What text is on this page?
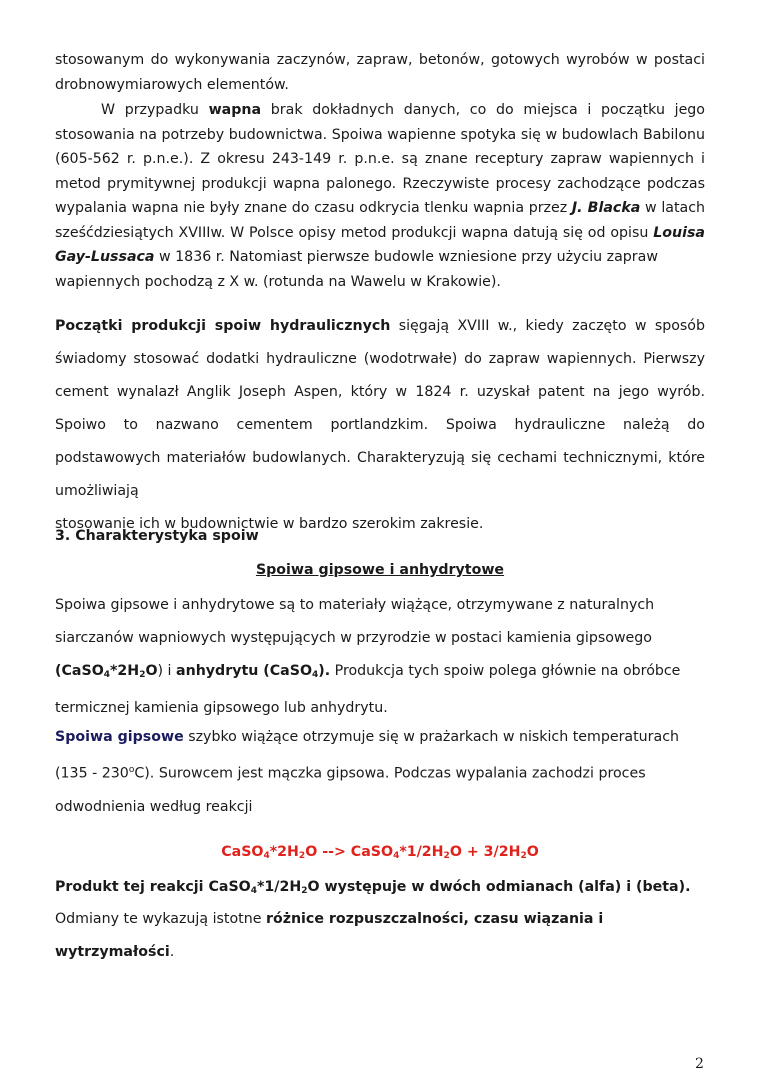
stosowanym do wykonywania zaczynów, zapraw, betonów, gotowych wyrobów w postaci

drobnowymiarowych elementów.

W przypadku wapna brak dokładnych danych, co do miejsca i początku jego stosowania na potrzeby budownictwa. Spoiwa wapienne spotyka się w budowlach Babilonu (605-562 r. p.n.e.). Z okresu 243-149 r. p.n.e. są znane receptury zapraw wapiennych i metod prymitywnej produkcji wapna palonego. Rzeczywiste procesy zachodzące podczas wypalania wapna nie były znane do czasu odkrycia tlenku wapnia przez J. Blacka w latach sześćdziesiątych XVIIIw. W Polsce opisy metod produkcji wapna datują się od opisu Louisa Gay-Lussaca w 1836 r. Natomiast pierwsze budowle wzniesione przy użyciu zapraw

wapiennych pochodzą z X w. (rotunda na Wawelu w Krakowie).

Początki produkcji spoiw hydraulicznych sięgają XVIII w., kiedy zaczęto w sposób świadomy stosować dodatki hydrauliczne (wodotrwałe) do zapraw wapiennych. Pierwszy cement wynalazł Anglik Joseph Aspen, który w 1824 r. uzyskał patent na jego wyrób. Spoiwo to nazwano cementem portlandzkim. Spoiwa hydrauliczne należą do podstawowych materiałów budowlanych. Charakteryzują się cechami technicznymi, które umożliwiają

stosowanie ich w budownictwie w bardzo szerokim zakresie.

3. Charakterystyka spoiw

Spoiwa gipsowe i anhydrytowe

Spoiwa gipsowe i anhydrytowe są to materiały wiążące, otrzymywane z naturalnych

siarczanów wapniowych występujących w przyrodzie w postaci kamienia gipsowego

$(CaSO_4*2H_2O)$ i anhydrytu (CaSO$_4$). Produkcja tych spoiw polega głównie na obróbce

termicznej kamienia gipsowego lub anhydrytu.

Spoiwa gipsowe szybko wiążące otrzymuje się w prażarkach w niskich temperaturach

(135 - 230$^o$C). Surowcem jest mączka gipsowa. Podczas wypalania zachodzi proces

odwodnienia według reakcji

$CaSO_4*2H_2O$ --> $CaSO_4*1/2H_2O + 3/2H_2O$

Produkt tej reakcji $CaSO_4*1/2H_2O$ występuje w dwóch odmianach (alfa) i (beta).

Odmiany te wykazują istotne różnice rozpuszczalności, czasu wiązania i

wytrzymałości.

2
